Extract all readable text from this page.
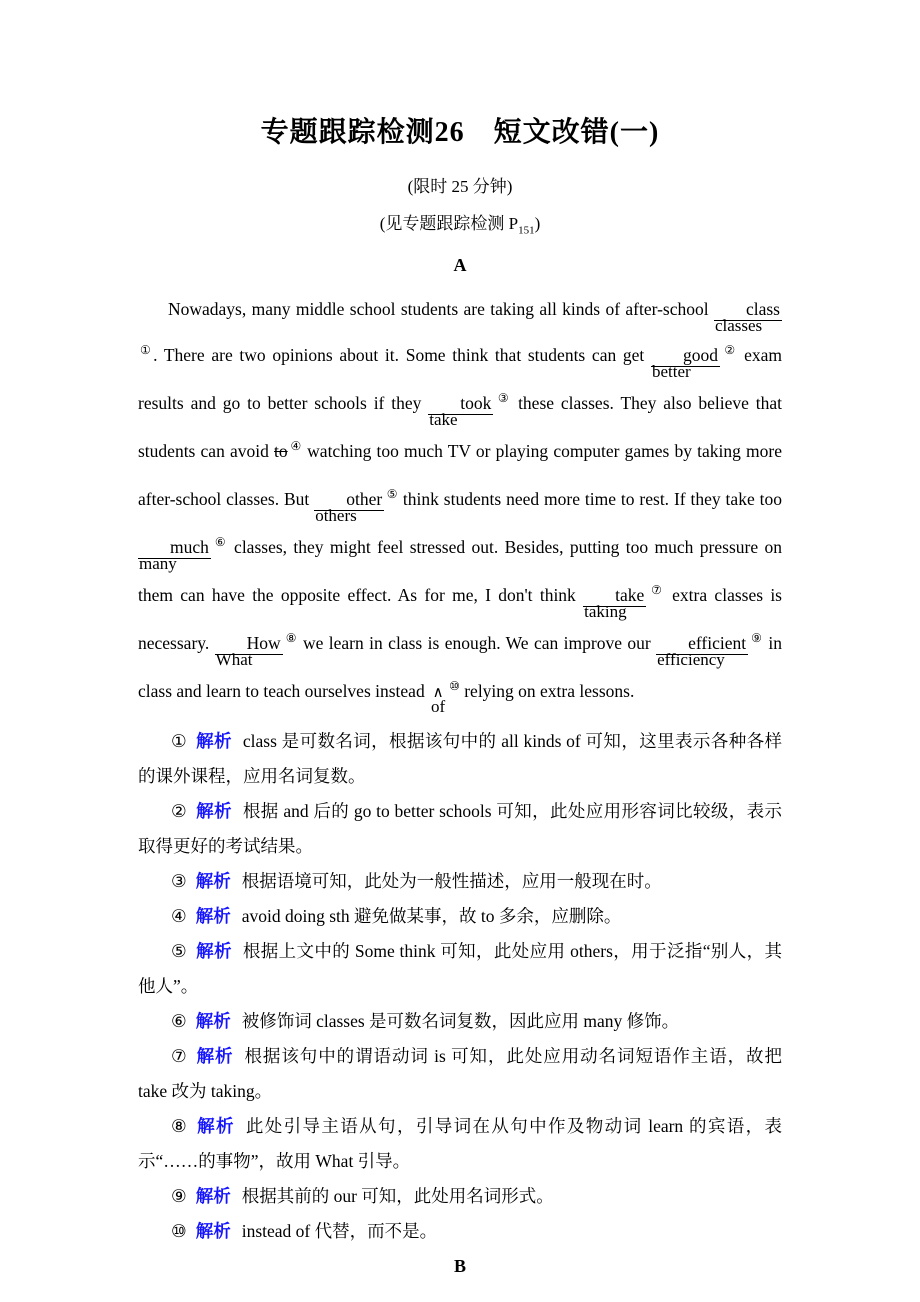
专题跟踪检测26　短文改错(一)

(限时 25 分钟)

(见专题跟踪检测 $P_{151}$)

A

Nowadays, many middle school students are taking all kinds of after-school class
classes
①. There are two opinions about it. Some think that students can get good
better
② exam results and go to better schools if they took
take
③ these classes. They also believe that students can avoid to ④ watching too much TV or playing computer games by taking more after-school classes. But other
others
⑤ think students need more time to rest. If they take too much
many
⑥ classes, they might feel stressed out. Besides, putting too much pressure on them can have the opposite effect. As for me, I don't think take
taking
⑦ extra classes is necessary. How
What
⑧ we learn in class is enough. We can improve our efficient
efficiency
⑨ in class and learn to teach ourselves instead ∧
of
⑩ relying on extra lessons.

① 解析 class 是可数名词，根据该句中的 all kinds of 可知，这里表示各种各样的课外课程，应用名词复数。

② 解析 根据 and 后的 go to better schools 可知，此处应用形容词比较级，表示取得更好的考试结果。

③ 解析 根据语境可知，此处为一般性描述，应用一般现在时。

④ 解析 avoid doing sth 避免做某事，故 to 多余，应删除。

⑤ 解析 根据上文中的 Some think 可知，此处应用 others，用于泛指“别人，其他人”。

⑥ 解析 被修饰词 classes 是可数名词复数，因此应用 many 修饰。

⑦ 解析 根据该句中的谓语动词 is 可知，此处应用动名词短语作主语，故把 take 改为 taking。

⑧ 解析 此处引导主语从句，引导词在从句中作及物动词 learn 的宾语，表示“……的事物”，故用 What 引导。

⑨ 解析 根据其前的 our 可知，此处用名词形式。

⑩ 解析 instead of 代替，而不是。

B
